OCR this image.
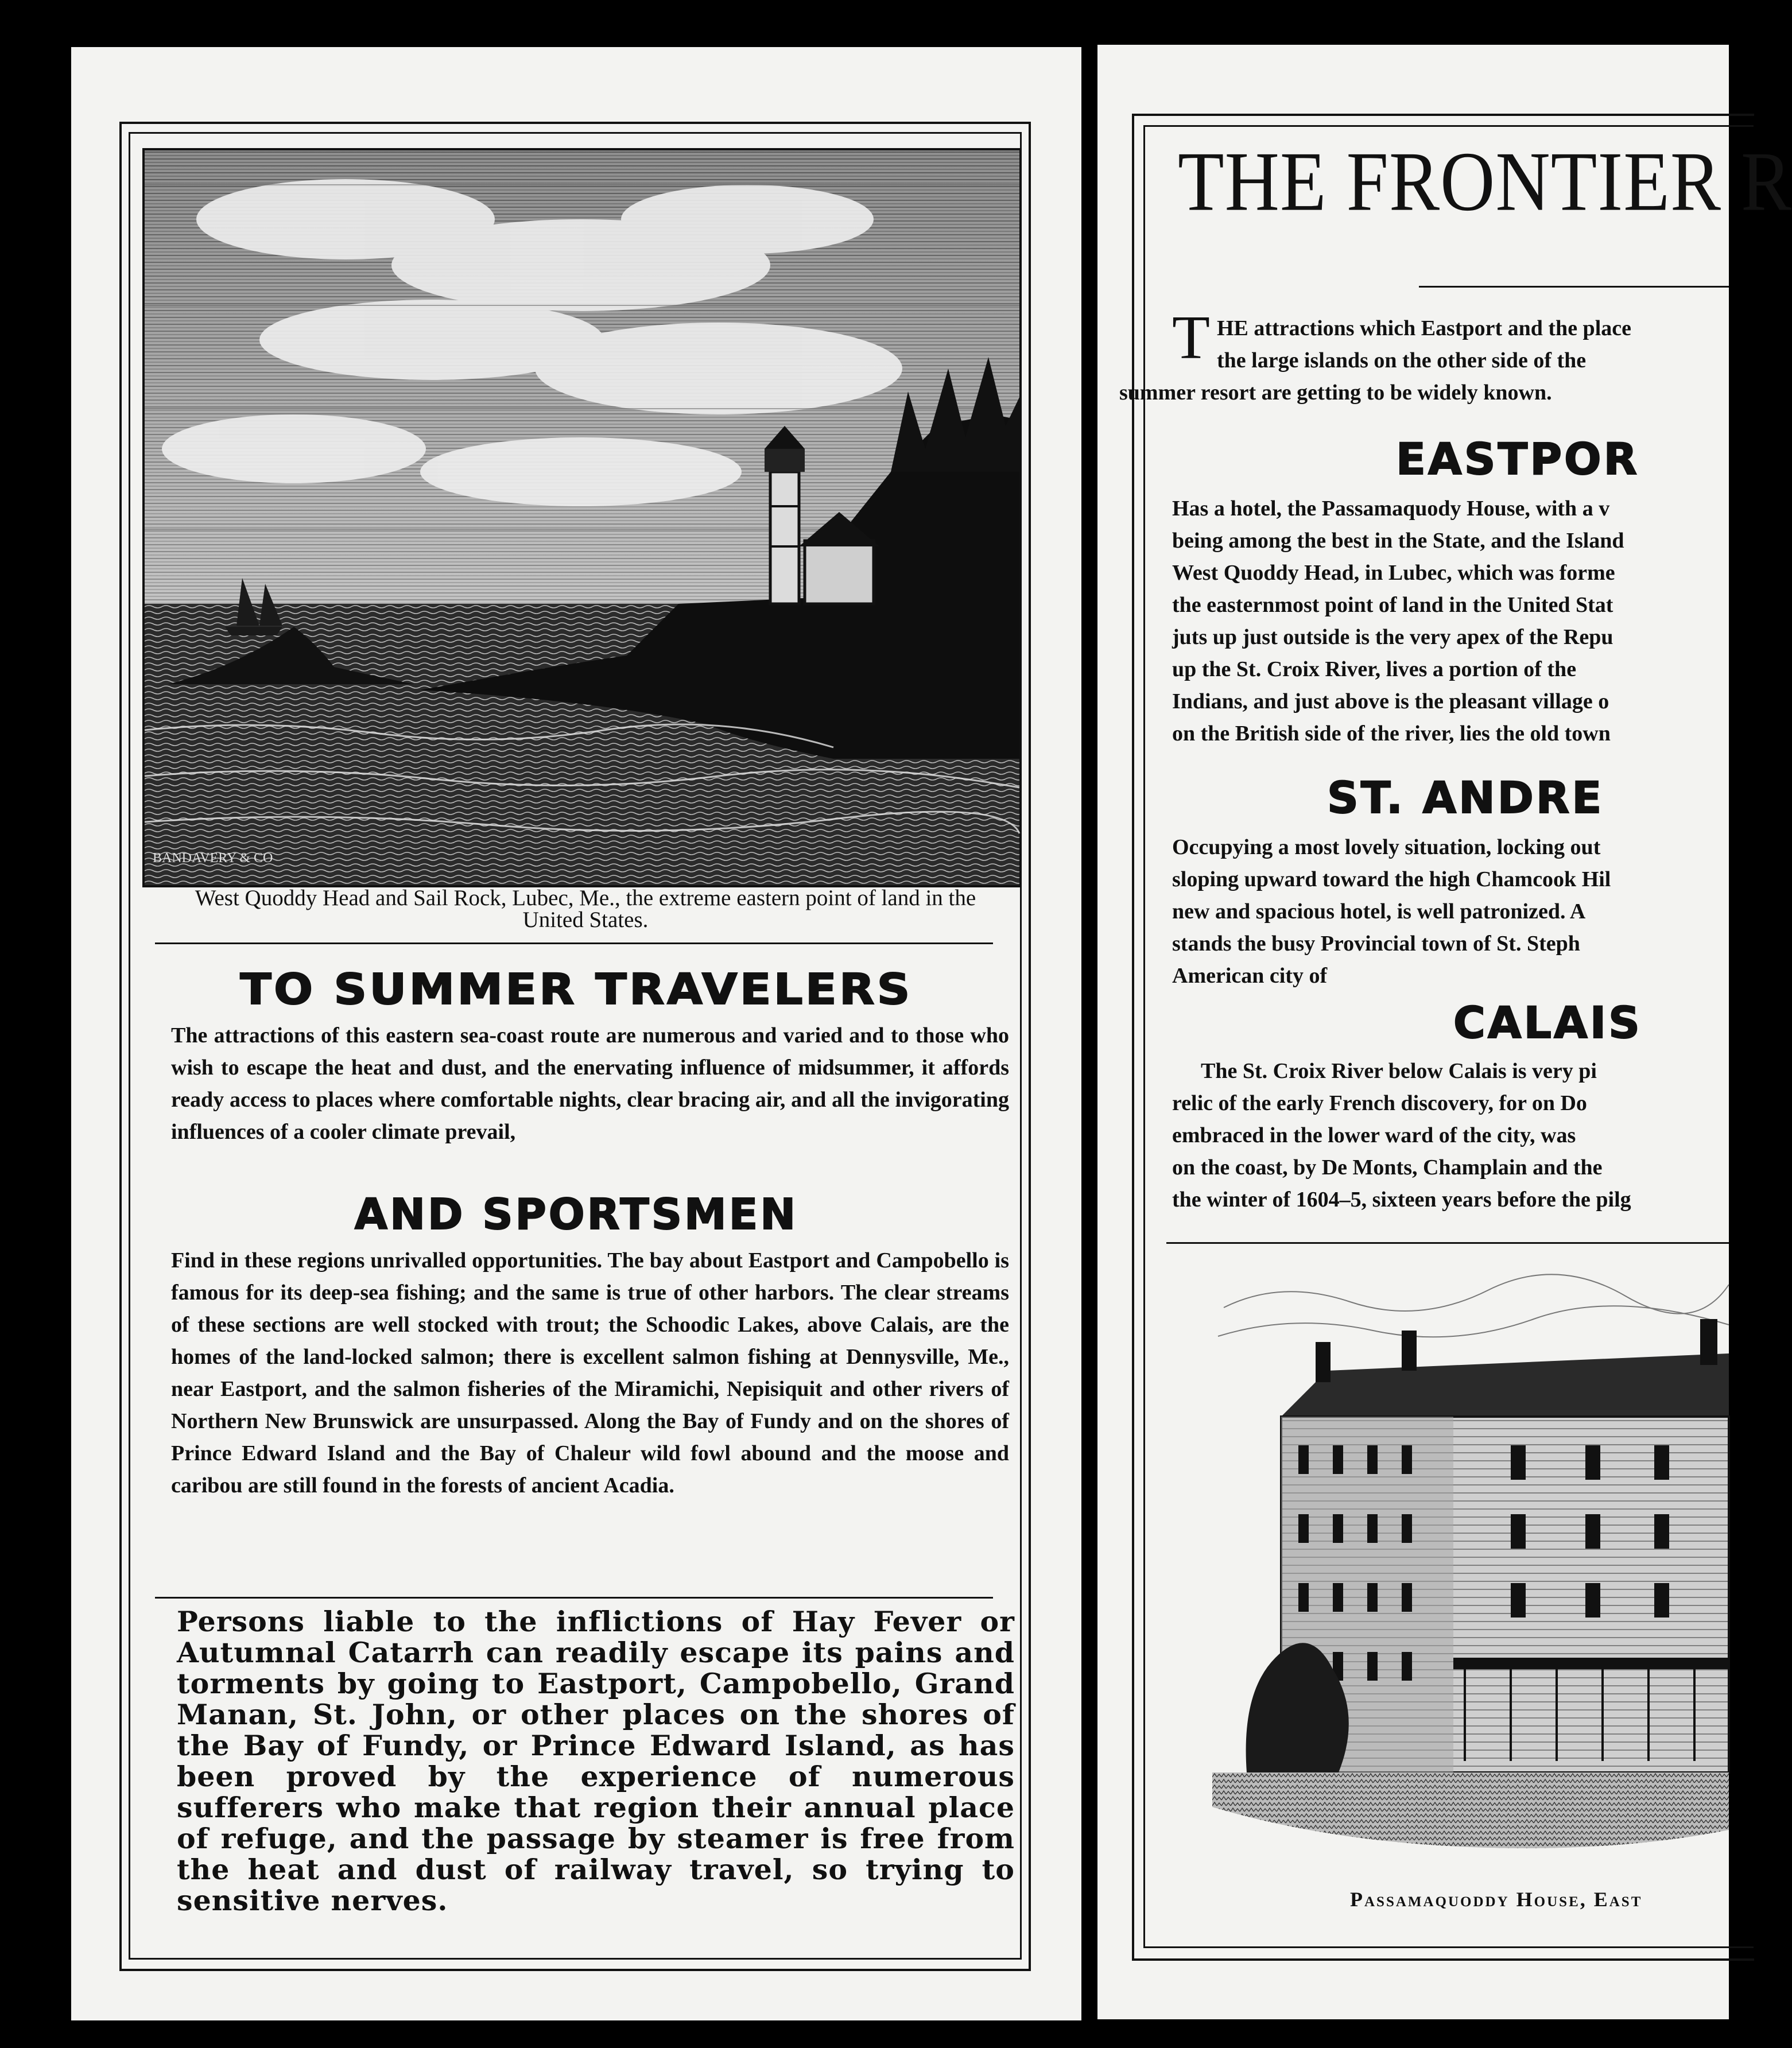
BANDAVERY & CO
West Quoddy Head and Sail Rock, Lubec, Me., the extreme eastern point of land in the United States.
TO SUMMER TRAVELERS
The attractions of this eastern sea-coast route are numerous and varied and to those who wish to escape the heat and dust, and the enervating influence of midsummer, it affords ready access to places where comfortable nights, clear bracing air, and all the invigorating influences of a cooler climate prevail,
AND SPORTSMEN
Find in these regions unrivalled opportunities. The bay about Eastport and Campobello is famous for its deep-sea fishing; and the same is true of other harbors. The clear streams of these sections are well stocked with trout; the Schoodic Lakes, above Calais, are the homes of the land-locked salmon; there is excellent salmon fishing at Dennysville, Me., near Eastport, and the salmon fisheries of the Miramichi, Nepisiquit and other rivers of Northern New Brunswick are unsurpassed. Along the Bay of Fundy and on the shores of Prince Edward Island and the Bay of Chaleur wild fowl abound and the moose and caribou are still found in the forests of ancient Acadia.
Persons liable to the inflictions of Hay Fever or Autumnal Catarrh can readily escape its pains and torments by going to Eastport, Campobello, Grand Manan, St. John, or other places on the shores of the Bay of Fundy, or Prince Edward Island, as has been proved by the experience of numerous sufferers who make that region their annual place of refuge, and the passage by steamer is free from the heat and dust of railway travel, so trying to sensitive nerves.
THE FRONTIER R
T HE attractions which Eastport and the place
the large islands on the other side of the
summer resort are getting to be widely known.
EASTPOR
Has a hotel, the Passamaquody House, with a v
being among the best in the State, and the Island
West Quoddy Head, in Lubec, which was forme
the easternmost point of land in the United Stat
juts up just outside is the very apex of the Repu
up the St. Croix River, lives a portion of the
Indians, and just above is the pleasant village o
on the British side of the river, lies the old town
ST. ANDRE
Occupying a most lovely situation, locking out
sloping upward toward the high Chamcook Hil
new and spacious hotel, is well patronized. A
stands the busy Provincial town of St. Steph
American city of
CALAIS
The St. Croix River below Calais is very pi
relic of the early French discovery, for on Do
embraced in the lower ward of the city, was
on the coast, by De Monts, Champlain and the
the winter of 1604–5, sixteen years before the pilg
Passamaquoddy House, East
